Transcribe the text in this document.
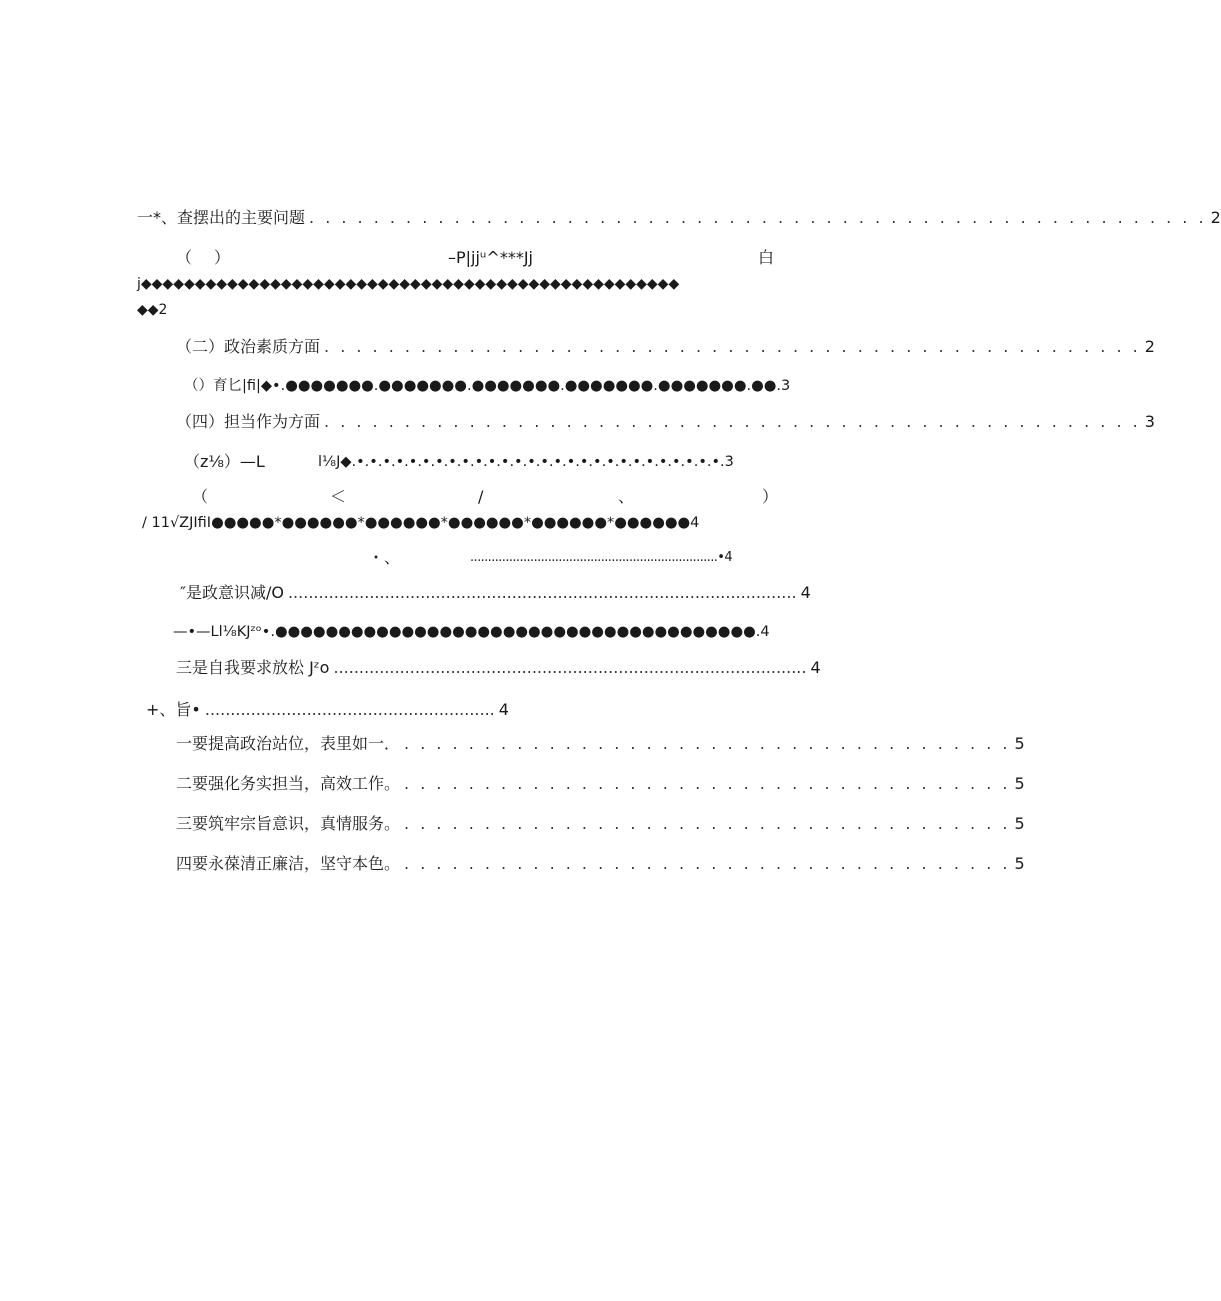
一*、查摆出的主要问题 . . . . . . . . . . . . . . . . . . . . . . . . . . . . . . . . . . . . . . . . . . . . . . . . . . . . . . . . 2
（ ）	–P|jjᵘ^***Jj	白
j◆◆◆◆◆◆◆◆◆◆◆◆◆◆◆◆◆◆◆◆◆◆◆◆◆◆◆◆◆◆◆◆◆◆◆◆◆◆◆◆◆◆◆◆◆◆◆◆◆◆
◆◆2
（二）政治素质方面 . . . . . . . . . . . . . . . . . . . . . . . . . . . . . . . . . . . . . . . . . . . . . . . . . . . 2
（）育匕|fi|◆•.●●●●●●●.●●●●●●●.●●●●●●●.●●●●●●●.●●●●●●●.●●.3
（四）担当作为方面 . . . . . . . . . . . . . . . . . . . . . . . . . . . . . . . . . . . . . . . . . . . . . . . . . . . 3
（z⅛）—L	l⅛J◆.•.•.•.•.•.•.•.•.•.•.•.•.•.•.•.•.•.•.•.•.•.•.•.•.•.•.•.•.3
（	＜	/	、	）
/ 11√ZJIfiI●●●●●*●●●●●●*●●●●●●*●●●●●●*●●●●●●*●●●●●●4
・、	......................................................................•4
″是政意识减/O .................................................................................................... 4
—•—Ll⅛KJᶻᵒ•.●●●●●●●●●●●●●●●●●●●●●●●●●●●●●●●●●●●●●●.4
三是自我要求放松 Jᶻo ............................................................................................. 4
+、旨• ......................................................... 4
一要提高政治站位，表里如一． . . . . . . . . . . . . . . . . . . . . . . . . . . . . . . . . . . . . . . 5
二要强化务实担当，高效工作。 . . . . . . . . . . . . . . . . . . . . . . . . . . . . . . . . . . . . . . 5
三要筑牢宗旨意识，真情服务。 . . . . . . . . . . . . . . . . . . . . . . . . . . . . . . . . . . . . . . 5
四要永葆清正廉洁，坚守本色。 . . . . . . . . . . . . . . . . . . . . . . . . . . . . . . . . . . . . . . 5
